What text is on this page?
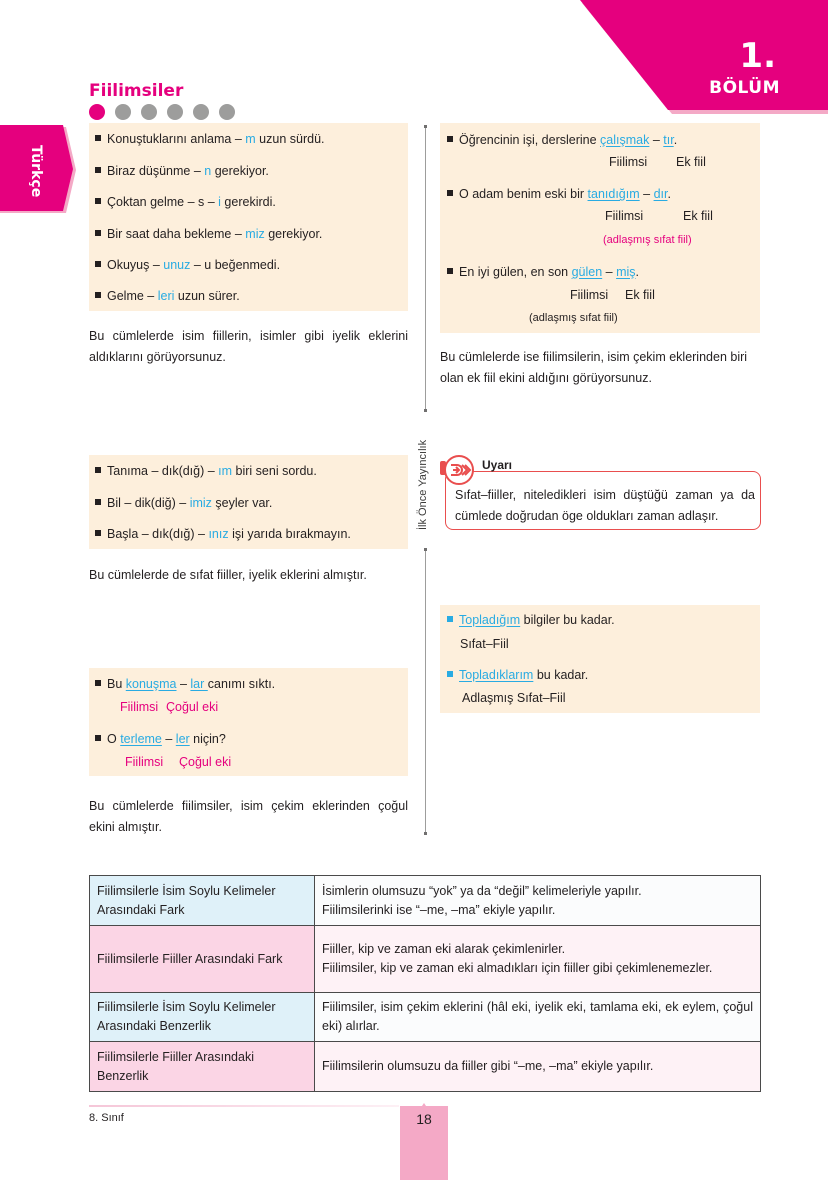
1.
BÖLÜM
Türkçe
Fiilimsiler
Konuştuklarını anlama – m uzun sürdü.
Biraz düşünme – n gerekiyor.
Çoktan gelme – s – i gerekirdi.
Bir saat daha bekleme – miz gerekiyor.
Okuyuş – unuz – u beğenmedi.
Gelme – leri uzun sürer.
Bu cümlelerde isim fiillerin, isimler gibi iyelik eklerini aldıklarını görüyorsunuz.
Tanıma – dık(dığ) – ım biri seni sordu.
Bil – dik(diğ) – imiz şeyler var.
Başla – dık(dığ) – ınız işi yarıda bırakmayın.
Bu cümlelerde de sıfat fiiller, iyelik eklerini almıştır.
Bu konuşma – lar canımı sıktı.
Fiilimsi Çoğul eki
O terleme – ler niçin?
Fiilimsi Çoğul eki
Bu cümlelerde fiilimsiler, isim çekim eklerinden çoğul ekini almıştır.
İlk Önce Yayıncılık
Öğrencinin işi, derslerine çalışmak – tır.
Fiilimsi Ek fiil
O adam benim eski bir tanıdığım – dır.
Fiilimsi	Ek fiil
(adlaşmış sıfat fiil)
En iyi gülen, en son gülen – miş.
Fiilimsi Ek fiil
(adlaşmış sıfat fiil)
Bu cümlelerde ise fiilimsilerin, isim çekim eklerinden biri olan ek fiil ekini aldığını görüyorsunuz.
Uyarı
Sıfat–fiiller, niteledikleri isim düştüğü zaman ya da cümlede doğrudan öge oldukları zaman adlaşır.
Topladığım bilgiler bu kadar.
Sıfat–Fiil
Topladıklarım bu kadar.
Adlaşmış Sıfat–Fiil
Fiilimsilerle İsim Soylu Kelimeler Arasındaki Fark	İsimlerin olumsuzu “yok” ya da “değil” kelimeleriyle yapılır.
Fiilimsilerinki ise “–me, –ma” ekiyle yapılır.

Fiilimsilerle Fiiller Arasındaki Fark	Fiiller, kip ve zaman eki alarak çekimlenirler.
Fiilimsiler, kip ve zaman eki almadıkları için fiiller gibi çekimlenemezler.

Fiilimsilerle İsim Soylu Kelimeler Arasındaki Benzerlik	Fiilimsiler, isim çekim eklerini (hâl eki, iyelik eki, tamlama eki, ek eylem, çoğul eki) alırlar.
Fiilimsilerle Fiiller Arasındaki Benzerlik	Fiilimsilerin olumsuzu da fiiller gibi “–me, –ma” ekiyle yapılır.
8. Sınıf	18
